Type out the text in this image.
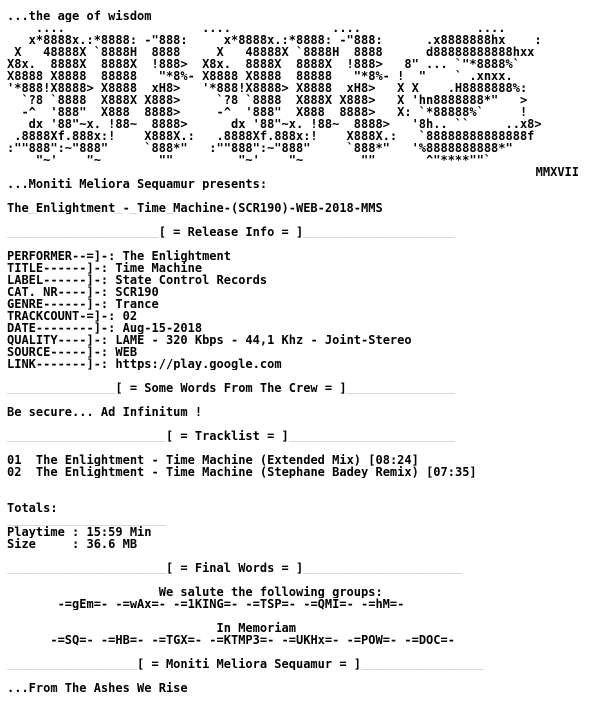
...the age of wisdom
....                   ....              ....                ....
x*8888x.:*8888: -"888:     x*8888x.:*8888: -"888:      .x8888888hx    :
X   48888X `8888H  8888     X   48888X `8888H  8888      d88888888888hxx
X8x.  8888X  8888X  !888>  X8x.  8888X  8888X  !888>   8" ... `"*8888%`
X8888 X8888  88888   "*8%- X8888 X8888  88888   "*8%- !  "    ` .xnxx.
'*888!X8888> X8888  xH8>   '*888!X8888> X8888  xH8>   X X    .H8888888%:
`?8 `8888  X888X X888>     `?8 `8888  X888X X888>   X 'hn8888888*"   >
-^  '888"  X888  8888>     -^  '888"  X888  8888>   X: `*88888%`     !
dx '88"~x. !88~  8888>      dx '88"~x. !88~  8888>   '8h.. ``     ..x8>
.8888Xf.888x:!    X888X.:   .8888Xf.888x:!    X888X.:   `88888888888888f
:""888":~"888"     `888*"   :""888":~"888"     `888*"   '%8888888888*"
"~'    "~        ""         "~'    "~        ""       ^"****""`
MMXVII
...Moniti Meliora Sequamur presents:

The_Enlightment_-_Time_Machine-(SCR190)-WEB-2018-MMS

_____________________[ = Release Info = ]_____________________

PERFORMER--=]-: The Enlightment
TITLE------]-: Time Machine
LABEL------]-: State Control Records
CAT. NR----]-: SCR190
GENRE------]-: Trance
TRACKCOUNT-=]-: 02
DATE--------]-: Aug-15-2018
QUALITY----]-: LAME - 320 Kbps - 44,1 Khz - Joint-Stereo
SOURCE-----]-: WEB
LINK-------]-: https://play.google.com

_______________[ = Some Words From The Crew = ]_______________

Be secure... Ad Infinitum !

______________________[ = Tracklist = ]_______________________

01 The Enlightment - Time Machine (Extended Mix) [08:24]
02 The Enlightment - Time Machine (Stephane Badey Remix) [07:35]

Totals:
______________________
Playtime : 15:59 Min
Size     : 36.6 MB

______________________[ = Final Words = ]______________________

We salute the following groups:
-=gEm=- -=wAx=- -=1KING=- -=TSP=- -=QMI=- -=hM=-

In Memoriam
-=SQ=- -=HB=- -=TGX=- -=KTMP3=- -=UKHx=- -=POW=- -=DOC=-

__________________[ = Moniti Meliora Sequamur = ]_________________

...From The Ashes We Rise
